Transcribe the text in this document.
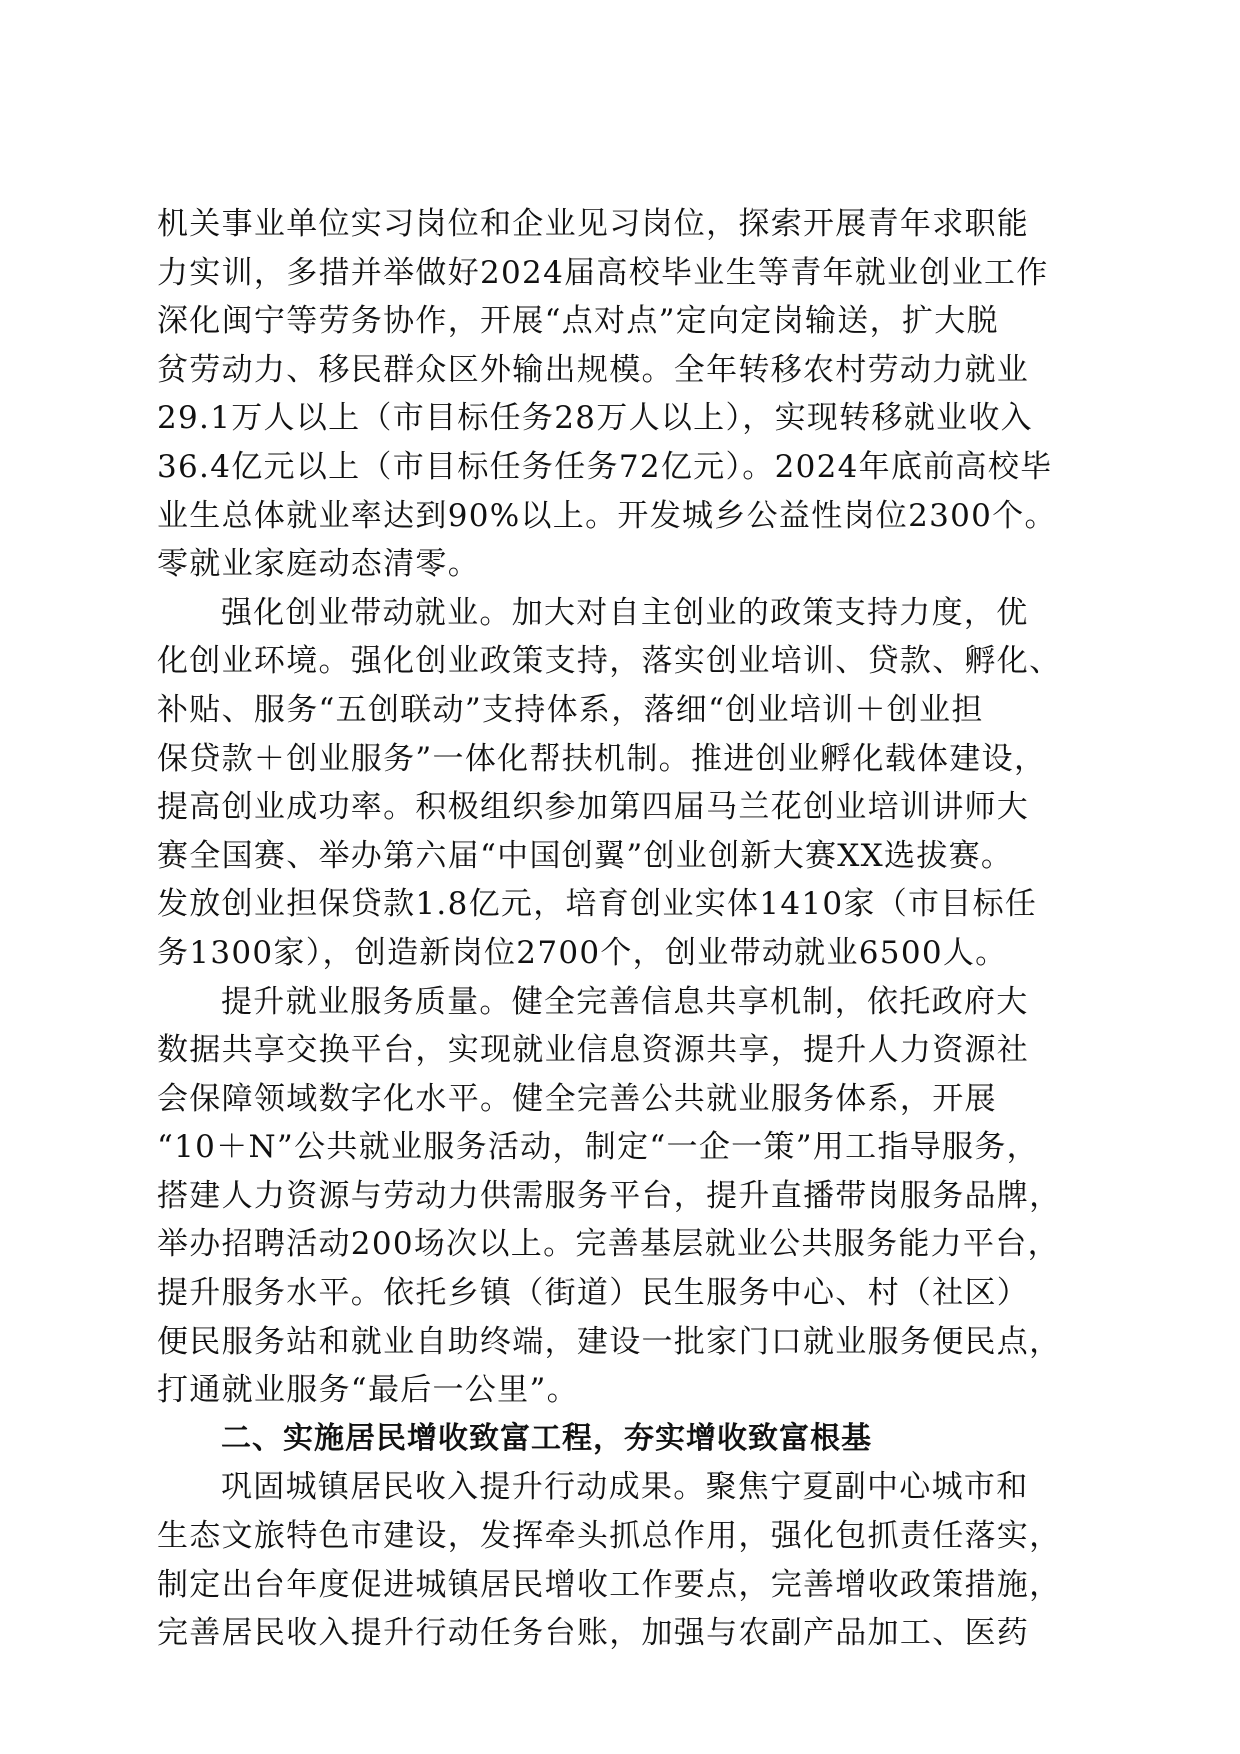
机关事业单位实习岗位和企业见习岗位，探索开展青年求职能
力实训，多措并举做好2024届高校毕业生等青年就业创业工作
深化闽宁等劳务协作，开展“点对点”定向定岗输送，扩大脱
贫劳动力、移民群众区外输出规模。全年转移农村劳动力就业
29.1万人以上（市目标任务28万人以上），实现转移就业收入
36.4亿元以上（市目标任务任务72亿元）。2024年底前高校毕
业生总体就业率达到90%以上。开发城乡公益性岗位2300个。
零就业家庭动态清零。
强化创业带动就业。加大对自主创业的政策支持力度，优
化创业环境。强化创业政策支持，落实创业培训、贷款、孵化、
补贴、服务“五创联动”支持体系，落细“创业培训＋创业担
保贷款＋创业服务”一体化帮扶机制。推进创业孵化载体建设，
提高创业成功率。积极组织参加第四届马兰花创业培训讲师大
赛全国赛、举办第六届“中国创翼”创业创新大赛XX选拔赛。
发放创业担保贷款1.8亿元，培育创业实体1410家（市目标任
务1300家），创造新岗位2700个，创业带动就业6500人。
提升就业服务质量。健全完善信息共享机制，依托政府大
数据共享交换平台，实现就业信息资源共享，提升人力资源社
会保障领域数字化水平。健全完善公共就业服务体系，开展
“10＋N”公共就业服务活动，制定“一企一策”用工指导服务，
搭建人力资源与劳动力供需服务平台，提升直播带岗服务品牌，
举办招聘活动200场次以上。完善基层就业公共服务能力平台，
提升服务水平。依托乡镇（街道）民生服务中心、村（社区）
便民服务站和就业自助终端，建设一批家门口就业服务便民点，
打通就业服务“最后一公里”。
二、实施居民增收致富工程，夯实增收致富根基
巩固城镇居民收入提升行动成果。聚焦宁夏副中心城市和
生态文旅特色市建设，发挥牵头抓总作用，强化包抓责任落实，
制定出台年度促进城镇居民增收工作要点，完善增收政策措施，
完善居民收入提升行动任务台账，加强与农副产品加工、医药
